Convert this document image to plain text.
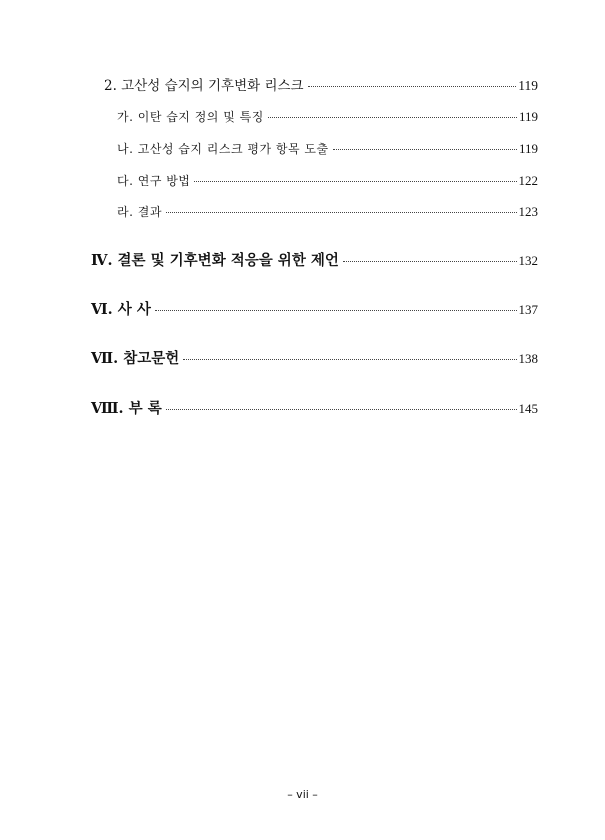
2. 고산성 습지의 기후변화 리스크	119
가. 이탄 습지 정의 및 특징	119
나. 고산성 습지 리스크 평가 항목 도출	119
다. 연구 방법	122
라. 결과	123
Ⅳ. 결론 및 기후변화 적응을 위한 제언	132
Ⅵ. 사 사	137
Ⅶ. 참고문헌	138
Ⅷ. 부 록	145
– vii –
